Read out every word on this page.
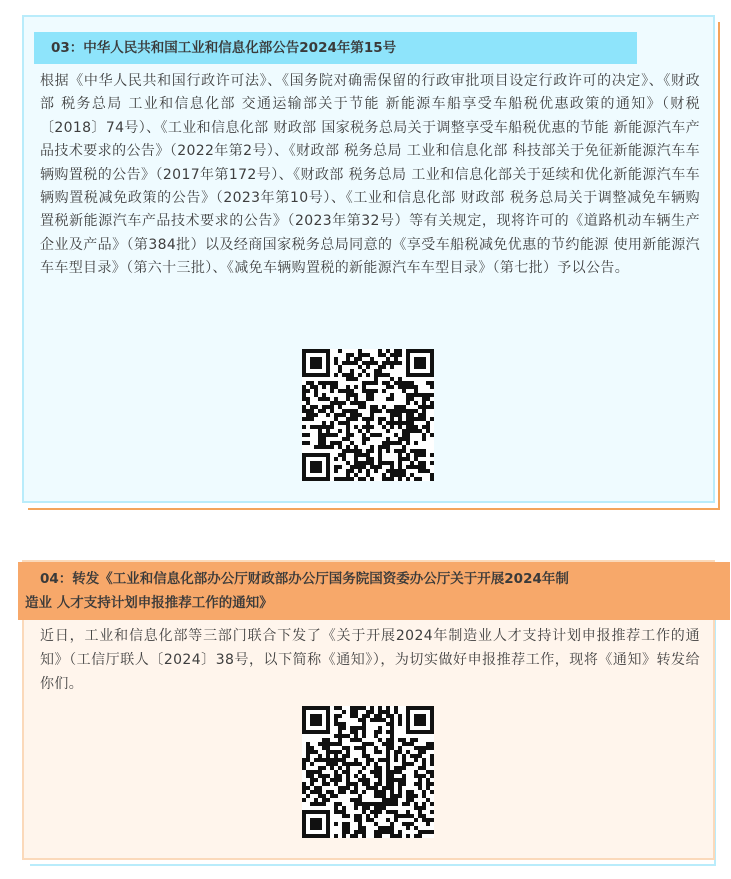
03：中华人民共和国工业和信息化部公告2024年第15号
根据《中华人民共和国行政许可法》、《国务院对确需保留的行政审批项目设定行政许可的决定》、《财政部 税务总局 工业和信息化部 交通运输部关于节能 新能源车船享受车船税优惠政策的通知》（财税〔2018〕74号）、《工业和信息化部 财政部 国家税务总局关于调整享受车船税优惠的节能 新能源汽车产品技术要求的公告》（2022年第2号）、《财政部 税务总局 工业和信息化部 科技部关于免征新能源汽车车辆购置税的公告》（2017年第172号）、《财政部 税务总局 工业和信息化部关于延续和优化新能源汽车车辆购置税减免政策的公告》（2023年第10号）、《工业和信息化部 财政部 税务总局关于调整减免车辆购置税新能源汽车产品技术要求的公告》（2023年第32号）等有关规定，现将许可的《道路机动车辆生产企业及产品》（第384批）以及经商国家税务总局同意的《享受车船税减免优惠的节约能源 使用新能源汽车车型目录》（第六十三批）、《减免车辆购置税的新能源汽车车型目录》（第七批）予以公告。
04：转发《工业和信息化部办公厅财政部办公厅国务院国资委办公厅关于开展2024年制
造业 人才支持计划申报推荐工作的通知》
近日，工业和信息化部等三部门联合下发了《关于开展2024年制造业人才支持计划申报推荐工作的通知》（工信厅联人〔2024〕38号，以下简称《通知》），为切实做好申报推荐工作，现将《通知》转发给你们。
